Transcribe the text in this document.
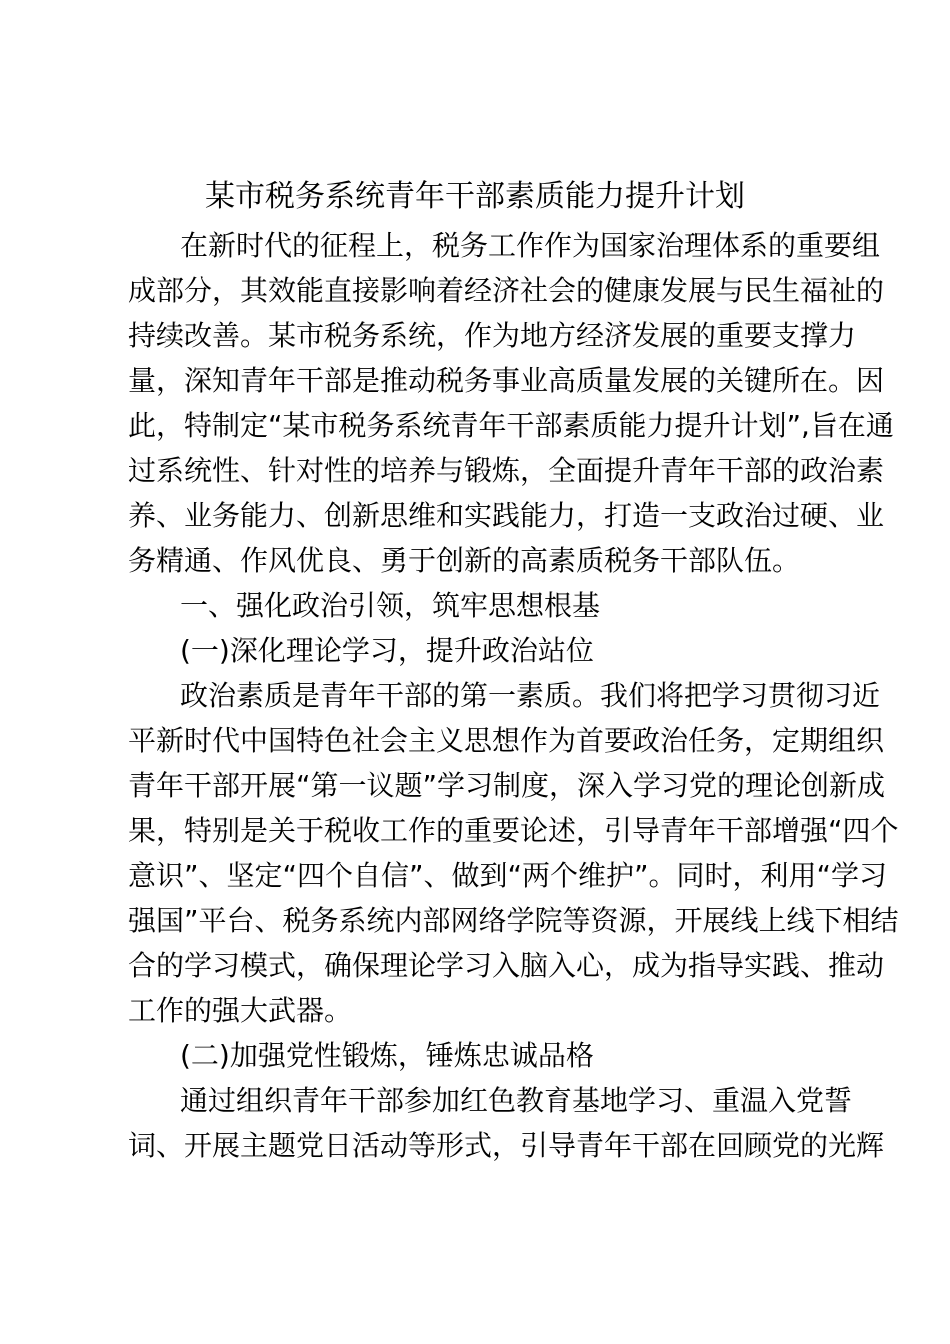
某市税务系统青年干部素质能力提升计划

在新时代的征程上，税务工作作为国家治理体系的重要组

成部分，其效能直接影响着经济社会的健康发展与民生福祉的

持续改善。某市税务系统，作为地方经济发展的重要支撑力

量，深知青年干部是推动税务事业高质量发展的关键所在。因

此，特制定“某市税务系统青年干部素质能力提升计划”,旨在通

过系统性、针对性的培养与锻炼，全面提升青年干部的政治素

养、业务能力、创新思维和实践能力，打造一支政治过硬、业

务精通、作风优良、勇于创新的高素质税务干部队伍。

一、强化政治引领，筑牢思想根基

(一)深化理论学习，提升政治站位

政治素质是青年干部的第一素质。我们将把学习贯彻习近

平新时代中国特色社会主义思想作为首要政治任务，定期组织

青年干部开展“第一议题”学习制度，深入学习党的理论创新成

果，特别是关于税收工作的重要论述，引导青年干部增强“四个

意识”、坚定“四个自信”、做到“两个维护”。同时，利用“学习

强国”平台、税务系统内部网络学院等资源，开展线上线下相结

合的学习模式，确保理论学习入脑入心，成为指导实践、推动

工作的强大武器。

(二)加强党性锻炼，锤炼忠诚品格

通过组织青年干部参加红色教育基地学习、重温入党誓

词、开展主题党日活动等形式，引导青年干部在回顾党的光辉
